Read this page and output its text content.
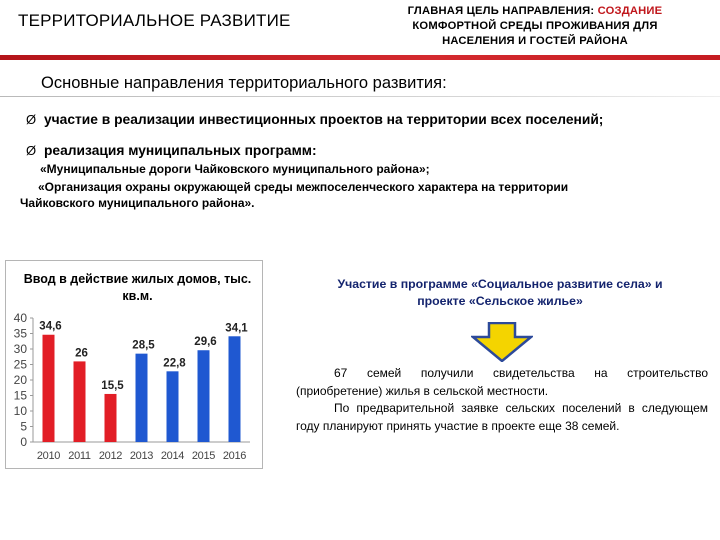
ТЕРРИТОРИАЛЬНОЕ РАЗВИТИЕ	ГЛАВНАЯ ЦЕЛЬ НАПРАВЛЕНИЯ: СОЗДАНИЕ
КОМФОРТНОЙ СРЕДЫ ПРОЖИВАНИЯ ДЛЯ
НАСЕЛЕНИЯ И ГОСТЕЙ РАЙОНА
Основные направления территориального развития:
Ø участие в реализации инвестиционных проектов на территории всех поселений;
Ø реализация муниципальных программ:
«Муниципальные дороги Чайковского муниципального района»;
«Организация охраны окружающей среды межпоселенческого характера на территории
Чайковского муниципального района».
0
5
10
15
20
25
30
35
40
34,6
2010
26
2011
15,5
2012
28,5
2013
22,8
2014
29,6
2015
34,1
2016
Ввод в действие жилых домов, тыс. кв.м.
Участие в программе «Социальное развитие села» и
проекте «Сельское жилье»
67 семей получили свидетельства на строительство (приобретение) жилья в сельской местности.
По предварительной заявке сельских поселений в следующем году планируют принять участие в проекте еще 38 семей.
